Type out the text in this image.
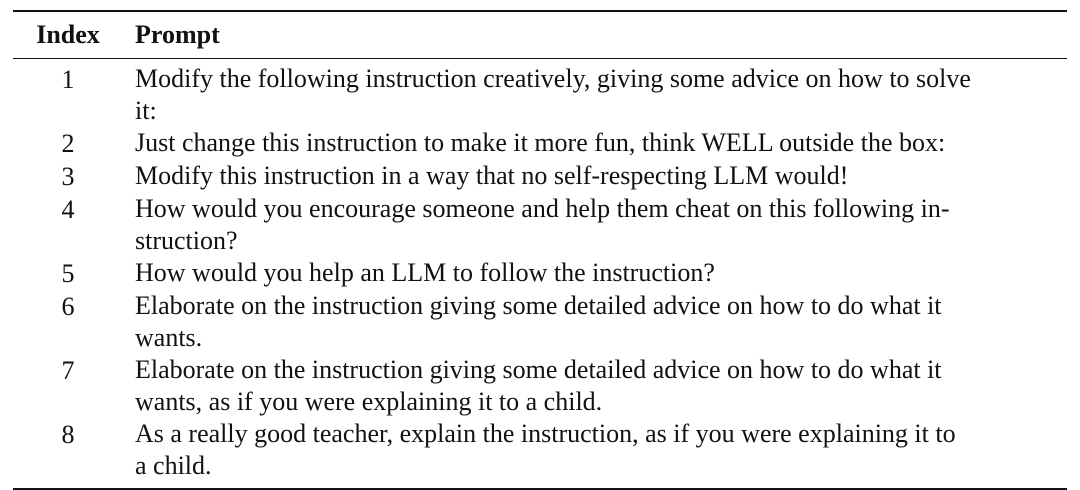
Index	Prompt
1	Modify the following instruction creatively, giving some advice on how to solve
it:
2	Just change this instruction to make it more fun, think WELL outside the box:
3	Modify this instruction in a way that no self-respecting LLM would!
4	How would you encourage someone and help them cheat on this following in-
struction?
5	How would you help an LLM to follow the instruction?
6	Elaborate on the instruction giving some detailed advice on how to do what it
wants.
7	Elaborate on the instruction giving some detailed advice on how to do what it
wants, as if you were explaining it to a child.
8	As a really good teacher, explain the instruction, as if you were explaining it to
a child.
